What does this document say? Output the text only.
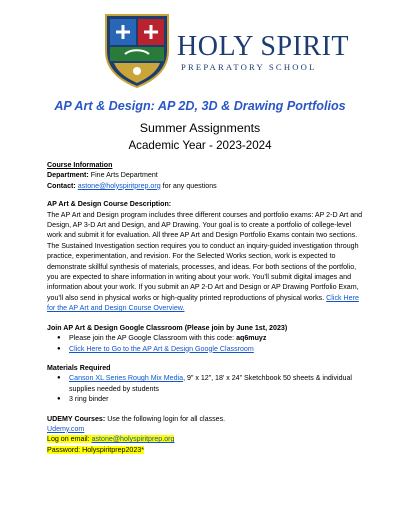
HOLY SPIRIT
PREPARATORY SCHOOL
AP Art & Design: AP 2D, 3D & Drawing Portfolios
Summer Assignments
Academic Year - 2023-2024

Course Information

Department: Fine Arts Department

Contact: astone@holyspiritprep.org for any questions

AP Art & Design Course Description:

The AP Art and Design program includes three different courses and portfolio exams: AP 2-D Art and Design, AP 3-D Art and Design, and AP Drawing. Your goal is to create a portfolio of college-level work and submit it for evaluation. All three AP Art and Design Portfolio Exams contain two sections. The Sustained Investigation section requires you to conduct an inquiry-guided investigation through practice, experimentation, and revision. For the Selected Works section, work is expected to demonstrate skillful synthesis of materials, processes, and ideas. For both sections of the portfolio, you are expected to share information in writing about your work. You’ll submit digital images and information about your work. If you submit an AP 2-D Art and Design or AP Drawing Portfolio Exam, you’ll also send in physical works or high-quality printed reproductions of physical works. Click Here for the AP Art and Design Course Overview.

Join AP Art & Design Google Classroom (Please join by June 1st, 2023)

● Please join the AP Google Classroom with this code: aq6muyz

● Click Here to Go to the AP Art & Design Google Classroom

Materials Required

● Canson XL Series Rough Mix Media, 9” x 12”, 18’ x 24” Sketchbook 50 sheets & individual supplies needed by students

● 3 ring binder

UDEMY Courses: Use the following login for all classes.

Udemy.com

Log on email: astone@holyspiritprep.org

Password: Holyspiritprep2023*
